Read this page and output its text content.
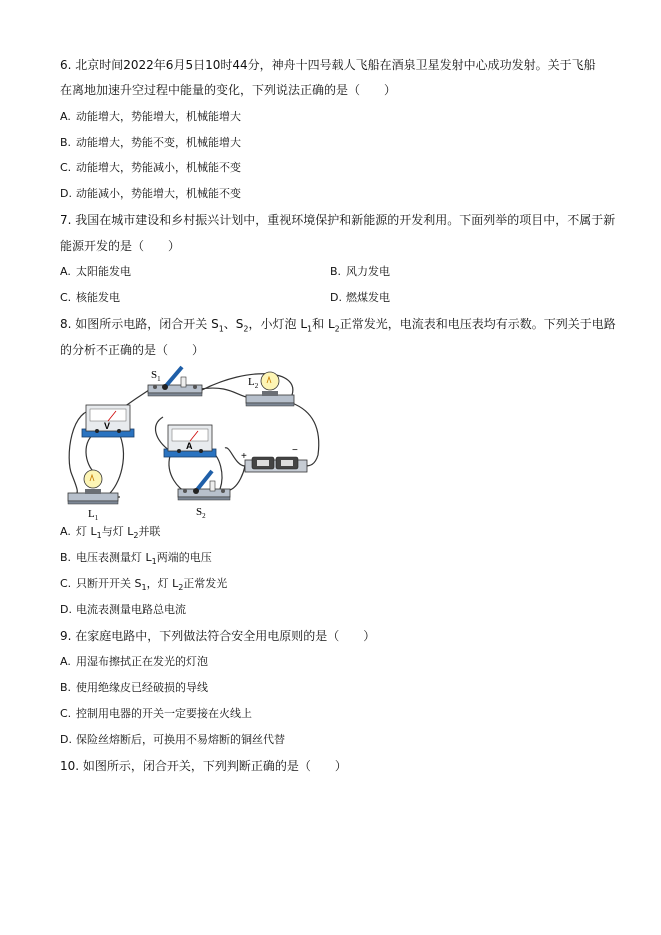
6. 北京时间2022年6月5日10时44分，神舟十四号载人飞船在酒泉卫星发射中心成功发射。关于飞船
在离地加速升空过程中能量的变化，下列说法正确的是（　　）
A. 动能增大，势能增大，机械能增大
B. 动能增大，势能不变，机械能增大
C. 动能增大，势能减小，机械能不变
D. 动能减小，势能增大，机械能不变
7. 我国在城市建设和乡村振兴计划中，重视环境保护和新能源的开发利用。下面列举的项目中，不属于新
能源开发的是（　　）
A. 太阳能发电	B. 风力发电
C. 核能发电	D. 燃煤发电
8. 如图所示电路，闭合开关 $S_1$、$S_2$，小灯泡 $L_1$和 $L_2$正常发光，电流表和电压表均有示数。下列关于电路
的分析不正确的是（　　）
$S_1$	$L_2$
V
A
+
−
$L_1$	$S_2$
A. 灯 $L_1$与灯 $L_2$并联
B. 电压表测量灯 $L_1$两端的电压
C. 只断开开关 $S_1$，灯 $L_2$正常发光
D. 电流表测量电路总电流
9. 在家庭电路中，下列做法符合安全用电原则的是（　　）
A. 用湿布擦拭正在发光的灯泡
B. 使用绝缘皮已经破损的导线
C. 控制用电器的开关一定要接在火线上
D. 保险丝熔断后，可换用不易熔断的铜丝代替
10. 如图所示，闭合开关，下列判断正确的是（　　）
